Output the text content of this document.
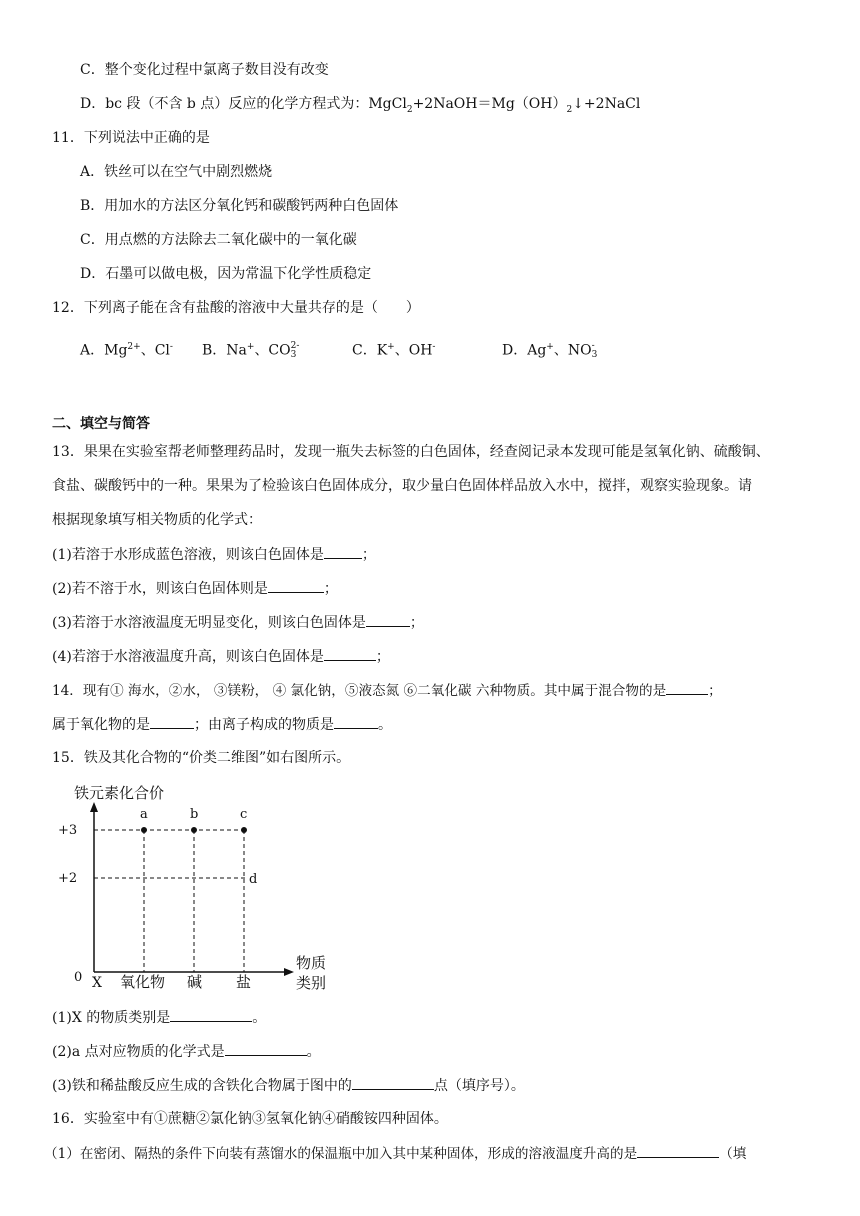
C．整个变化过程中氯离子数目没有改变
D．bc 段（不含 b 点）反应的化学方程式为：$MgCl_2+2NaOH=Mg(OH)_2↓+2NaCl$
11．下列说法中正确的是
A．铁丝可以在空气中剧烈燃烧
B．用加水的方法区分氧化钙和碳酸钙两种白色固体
C．用点燃的方法除去二氧化碳中的一氧化碳
D．石墨可以做电极，因为常温下化学性质稳定
12．下列离子能在含有盐酸的溶液中大量共存的是（　　）
A．$Mg^{2+}$、Cl- B．Na+、CO 2-
3	C．K+、OH-	D．Ag+、NO -
3
二、填空与简答
13．果果在实验室帮老师整理药品时，发现一瓶失去标签的白色固体，经查阅记录本发现可能是氢氧化钠、硫酸铜、
食盐、碳酸钙中的一种。果果为了检验该白色固体成分，取少量白色固体样品放入水中，搅拌，观察实验现象。请
根据现象填写相关物质的化学式：
(1)若溶于水形成蓝色溶液，则该白色固体是	；
(2)若不溶于水，则该白色固体则是	；
(3)若溶于水溶液温度无明显变化，则该白色固体是	；
(4)若溶于水溶液温度升高，则该白色固体是	；
14．现有① 海水，②水， ③镁粉， ④ 氯化钠，⑤液态氮 ⑥二氧化碳 六种物质。其中属于混合物的是	；
属于氧化物的是	；由离子构成的物质是	。
15．铁及其化合物的“价类二维图”如右图所示。
铁元素化合价
+3
+2
a	b	c
d
0 X 氧化物 碱 盐
物质
类别
(1)X 的物质类别是	。
(2)a 点对应物质的化学式是	。
(3)铁和稀盐酸反应生成的含铁化合物属于图中的	点（填序号）。
16．实验室中有①蔗糖②氯化钠③氢氧化钠④硝酸铵四种固体。
（1）在密闭、隔热的条件下向装有蒸馏水的保温瓶中加入其中某种固体，形成的溶液温度升高的是	（填
